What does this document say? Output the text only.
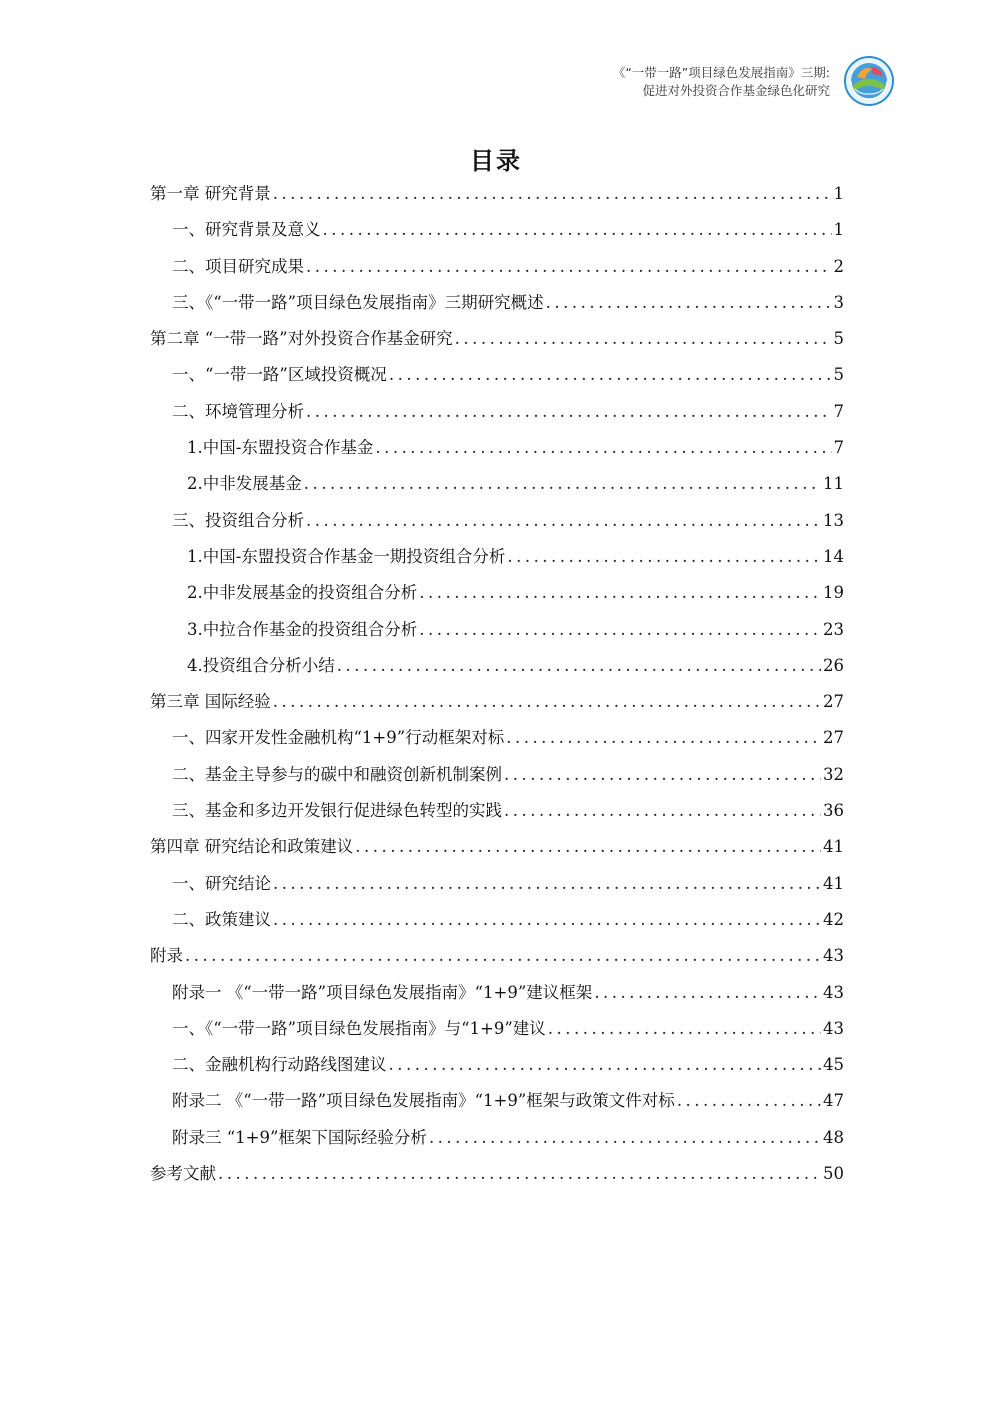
《“一带一路”项目绿色发展指南》三期:
促进对外投资合作基金绿色化研究
目录
第一章 研究背景 .....	1
一、研究背景及意义 .....	1
二、项目研究成果 .....	2
三、《“一带一路”项目绿色发展指南》三期研究概述 .....	3
第二章 “一带一路”对外投资合作基金研究 .....	5
一、“一带一路”区域投资概况 .....	5
二、环境管理分析 .....	7
1.中国-东盟投资合作基金 .....	7
2.中非发展基金 .....	11
三、投资组合分析 .....	13
1.中国-东盟投资合作基金一期投资组合分析 .....	14
2.中非发展基金的投资组合分析 .....	19
3.中拉合作基金的投资组合分析 .....	23
4.投资组合分析小结 .....	26
第三章 国际经验 .....	27
一、四家开发性金融机构“1+9”行动框架对标 .....	27
二、基金主导参与的碳中和融资创新机制案例 .....	32
三、基金和多边开发银行促进绿色转型的实践 .....	36
第四章 研究结论和政策建议 .....	41
一、研究结论 .....	41
二、政策建议 .....	42
附录 .....	43
附录一 《“一带一路”项目绿色发展指南》“1+9”建议框架 .....	43
一、《“一带一路”项目绿色发展指南》与“1+9”建议 .....	43
二、金融机构行动路线图建议 .....	45
附录二 《“一带一路”项目绿色发展指南》“1+9”框架与政策文件对标 .....	47
附录三 “1+9”框架下国际经验分析 .....	48
参考文献 .....	50
